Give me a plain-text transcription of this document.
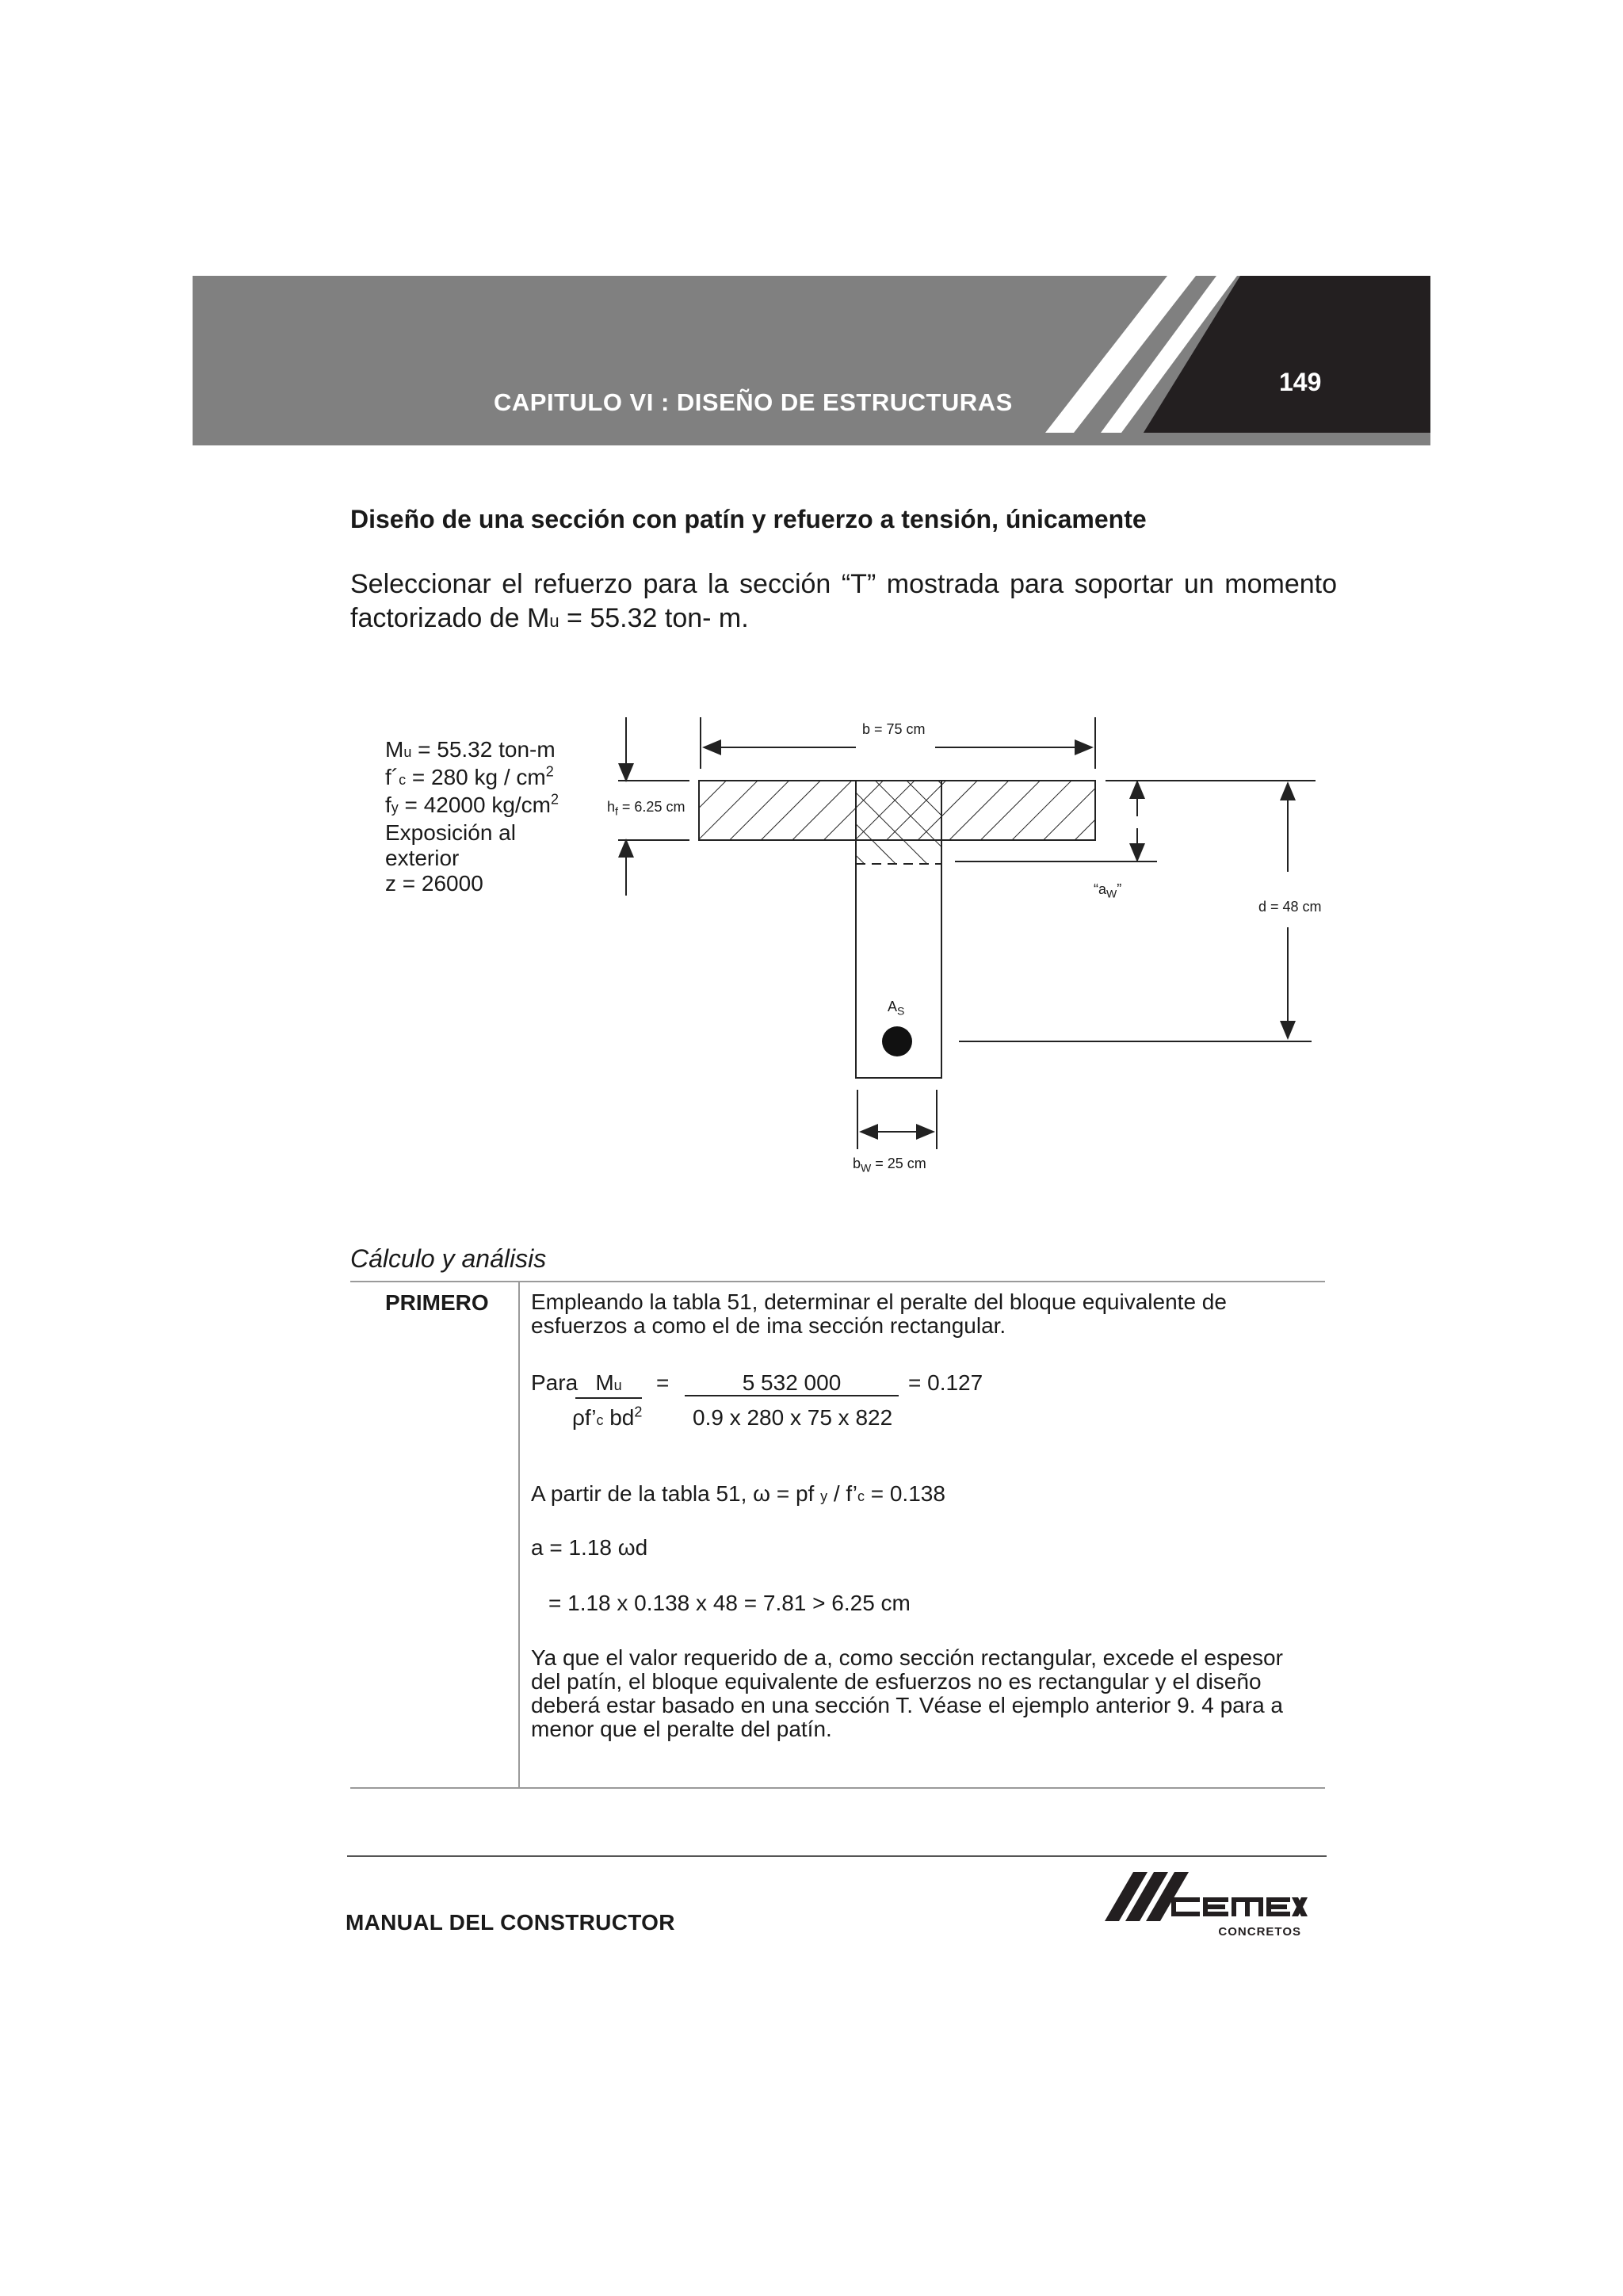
CAPITULO VI : DISEÑO DE ESTRUCTURAS
149
Diseño de una sección con patín y refuerzo a tensión, únicamente
Seleccionar el refuerzo para la sección “T” mostrada para soportar un momento factorizado de Mu = 55.32 ton- m.
Mu = 55.32 ton-m
f´c = 280 kg / $cm^2$
fy = 42000 $kg/cm^2$
Exposición al
exterior
z = 26000
b = 75 cm
$h_f = 6.25$ cm
“$a_W$”
d = 48 cm
$A_S$
$b_W = 25$ cm
Cálculo y análisis
PRIMERO Empleando la tabla 51, determinar el peralte del bloque equivalente de esfuerzos a como el de ima sección rectangular.
Para Mu
ρf’c $bd^2$
=	5 532 000
0.9 x 280 x 75 x 822
= 0.127
A partir de la tabla 51, ω = pf y / f’c = 0.138
a = 1.18 ωd
= 1.18 x 0.138 x 48 = 7.81 > 6.25 cm
Ya que el valor requerido de a, como sección rectangular, excede el espesor del patín, el bloque equivalente de esfuerzos no es rectangular y el diseño deberá estar basado en una sección T. Véase el ejemplo anterior 9. 4 para a menor que el peralte del patín.
MANUAL DEL CONSTRUCTOR	CONCRETOS
